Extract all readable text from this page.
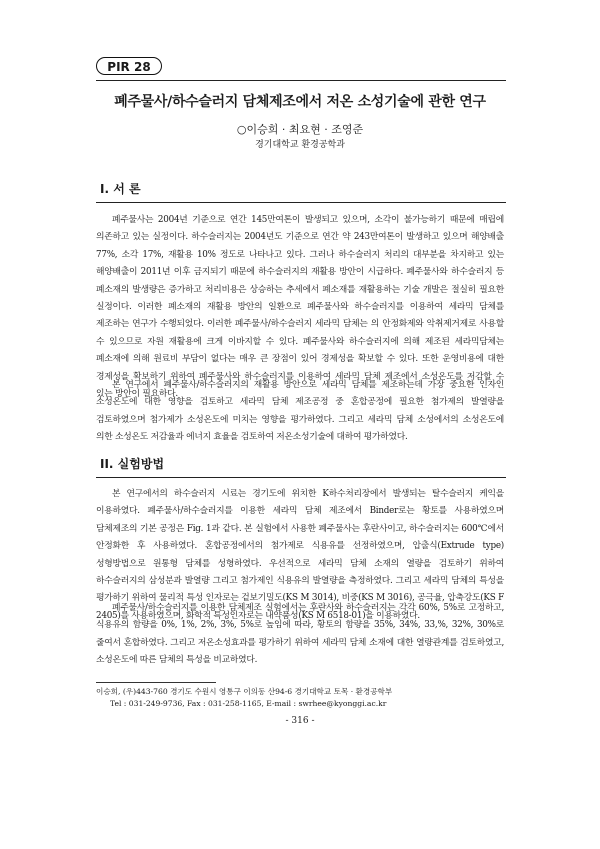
PIR 28
폐주물사/하수슬러지 담체제조에서 저온 소성기술에 관한 연구
○이승희 · 최요현 · 조영준
경기대학교 환경공학과
I. 서 론

폐주물사는 2004년 기준으로 연간 145만여톤이 발생되고 있으며, 소각이 불가능하기 때문에 매립에 의존하고 있는 실정이다. 하수슬러지는 2004년도 기준으로 연간 약 243만여톤이 발생하고 있으며 해양배출 77%, 소각 17%, 재활용 10% 정도로 나타나고 있다. 그러나 하수슬러지 처리의 대부분을 차지하고 있는 해양배출이 2011년 이후 금지되기 때문에 하수슬러지의 재활용 방안이 시급하다. 폐주물사와 하수슬러지 등 폐소재의 발생량은 증가하고 처리비용은 상승하는 추세에서 폐소재를 재활용하는 기술 개발은 절실히 필요한 실정이다. 이러한 폐소재의 재활용 방안의 일환으로 폐주물사와 하수슬러지를 이용하여 세라믹 담체를 제조하는 연구가 수행되었다. 이러한 폐주물사/하수슬러지 세라믹 담체는 의 안정화제와 악취제거제로 사용할 수 있으므로 자원 재활용에 크게 이바지할 수 있다. 폐주물사와 하수슬러지에 의해 제조된 세라믹담체는 폐소재에 의해 원료비 부담이 없다는 매우 큰 장점이 있어 경제성을 확보할 수 있다. 또한 운영비용에 대한 경제성을 확보하기 위하여 폐주물사와 하수슬러지를 이용하여 세라믹 담체 제조에서 소성온도를 저감할 수 있는 방안이 필요하다.

본 연구에서 폐주물사/하수슬러지의 재활용 방안으로 세라믹 담체를 제조하는데 가장 중요한 인자인 소성온도에 대한 영향을 검토하고 세라믹 담체 제조공정 중 혼합공정에 필요한 첨가제의 발열량을 검토하였으며 첨가제가 소성온도에 미치는 영향을 평가하였다. 그리고 세라믹 담체 소성에서의 소성온도에 의한 소성온도 저감율과 에너지 효율을 검토하여 저온소성기술에 대하여 평가하였다.

II. 실험방법

본 연구에서의 하수슬러지 시료는 경기도에 위치한 K하수처리장에서 발생되는 탈수슬러지 케익을 이용하였다. 폐주물사/하수슬러지를 이용한 세라믹 담체 제조에서 Binder로는 황토를 사용하였으며 담체제조의 기본 공정은 Fig. 1과 같다. 본 실험에서 사용한 폐주물사는 후란사이고, 하수슬러지는 600℃에서 안정화한 후 사용하였다. 혼합공정에서의 첨가제로 식용유를 선정하였으며, 압출식(Extrude type) 성형방법으로 원통형 담체를 성형하였다. 우선적으로 세라믹 담체 소재의 열량을 검토하기 위하여 하수슬러지의 삼성분과 발열량 그리고 첨가제인 식용유의 발열량을 측정하였다. 그리고 세라믹 담체의 특성을 평가하기 위하여 물리적 특성 인자로는 겉보기밀도(KS M 3014), 비중(KS M 3016), 공극율, 압축강도(KS F 2405)를 사용하였으며, 화학적 특성인자로는 내약품성(KS M 6518-01)을 이용하였다.

폐주물사/하수슬러지를 이용한 담체제조 실험에서는 후란사와 하수슬러지는 각각 60%, 5%로 고정하고, 식용유의 함량을 0%, 1%, 2%, 3%, 5%로 높임에 따라, 황토의 함량을 35%, 34%, 33,%, 32%, 30%로 줄여서 혼합하였다. 그리고 저온소성효과를 평가하기 위하여 세라믹 담체 소재에 대한 열량관계를 검토하였고, 소성온도에 따른 담체의 특성을 비교하였다.

이승희, (우)443-760 경기도 수원시 영통구 이의동 산94-6 경기대학교 토목 · 환경공학부
Tel : 031-249-9736, Fax : 031-258-1165, E-mail : swrhee@kyonggi.ac.kr
- 316 -
